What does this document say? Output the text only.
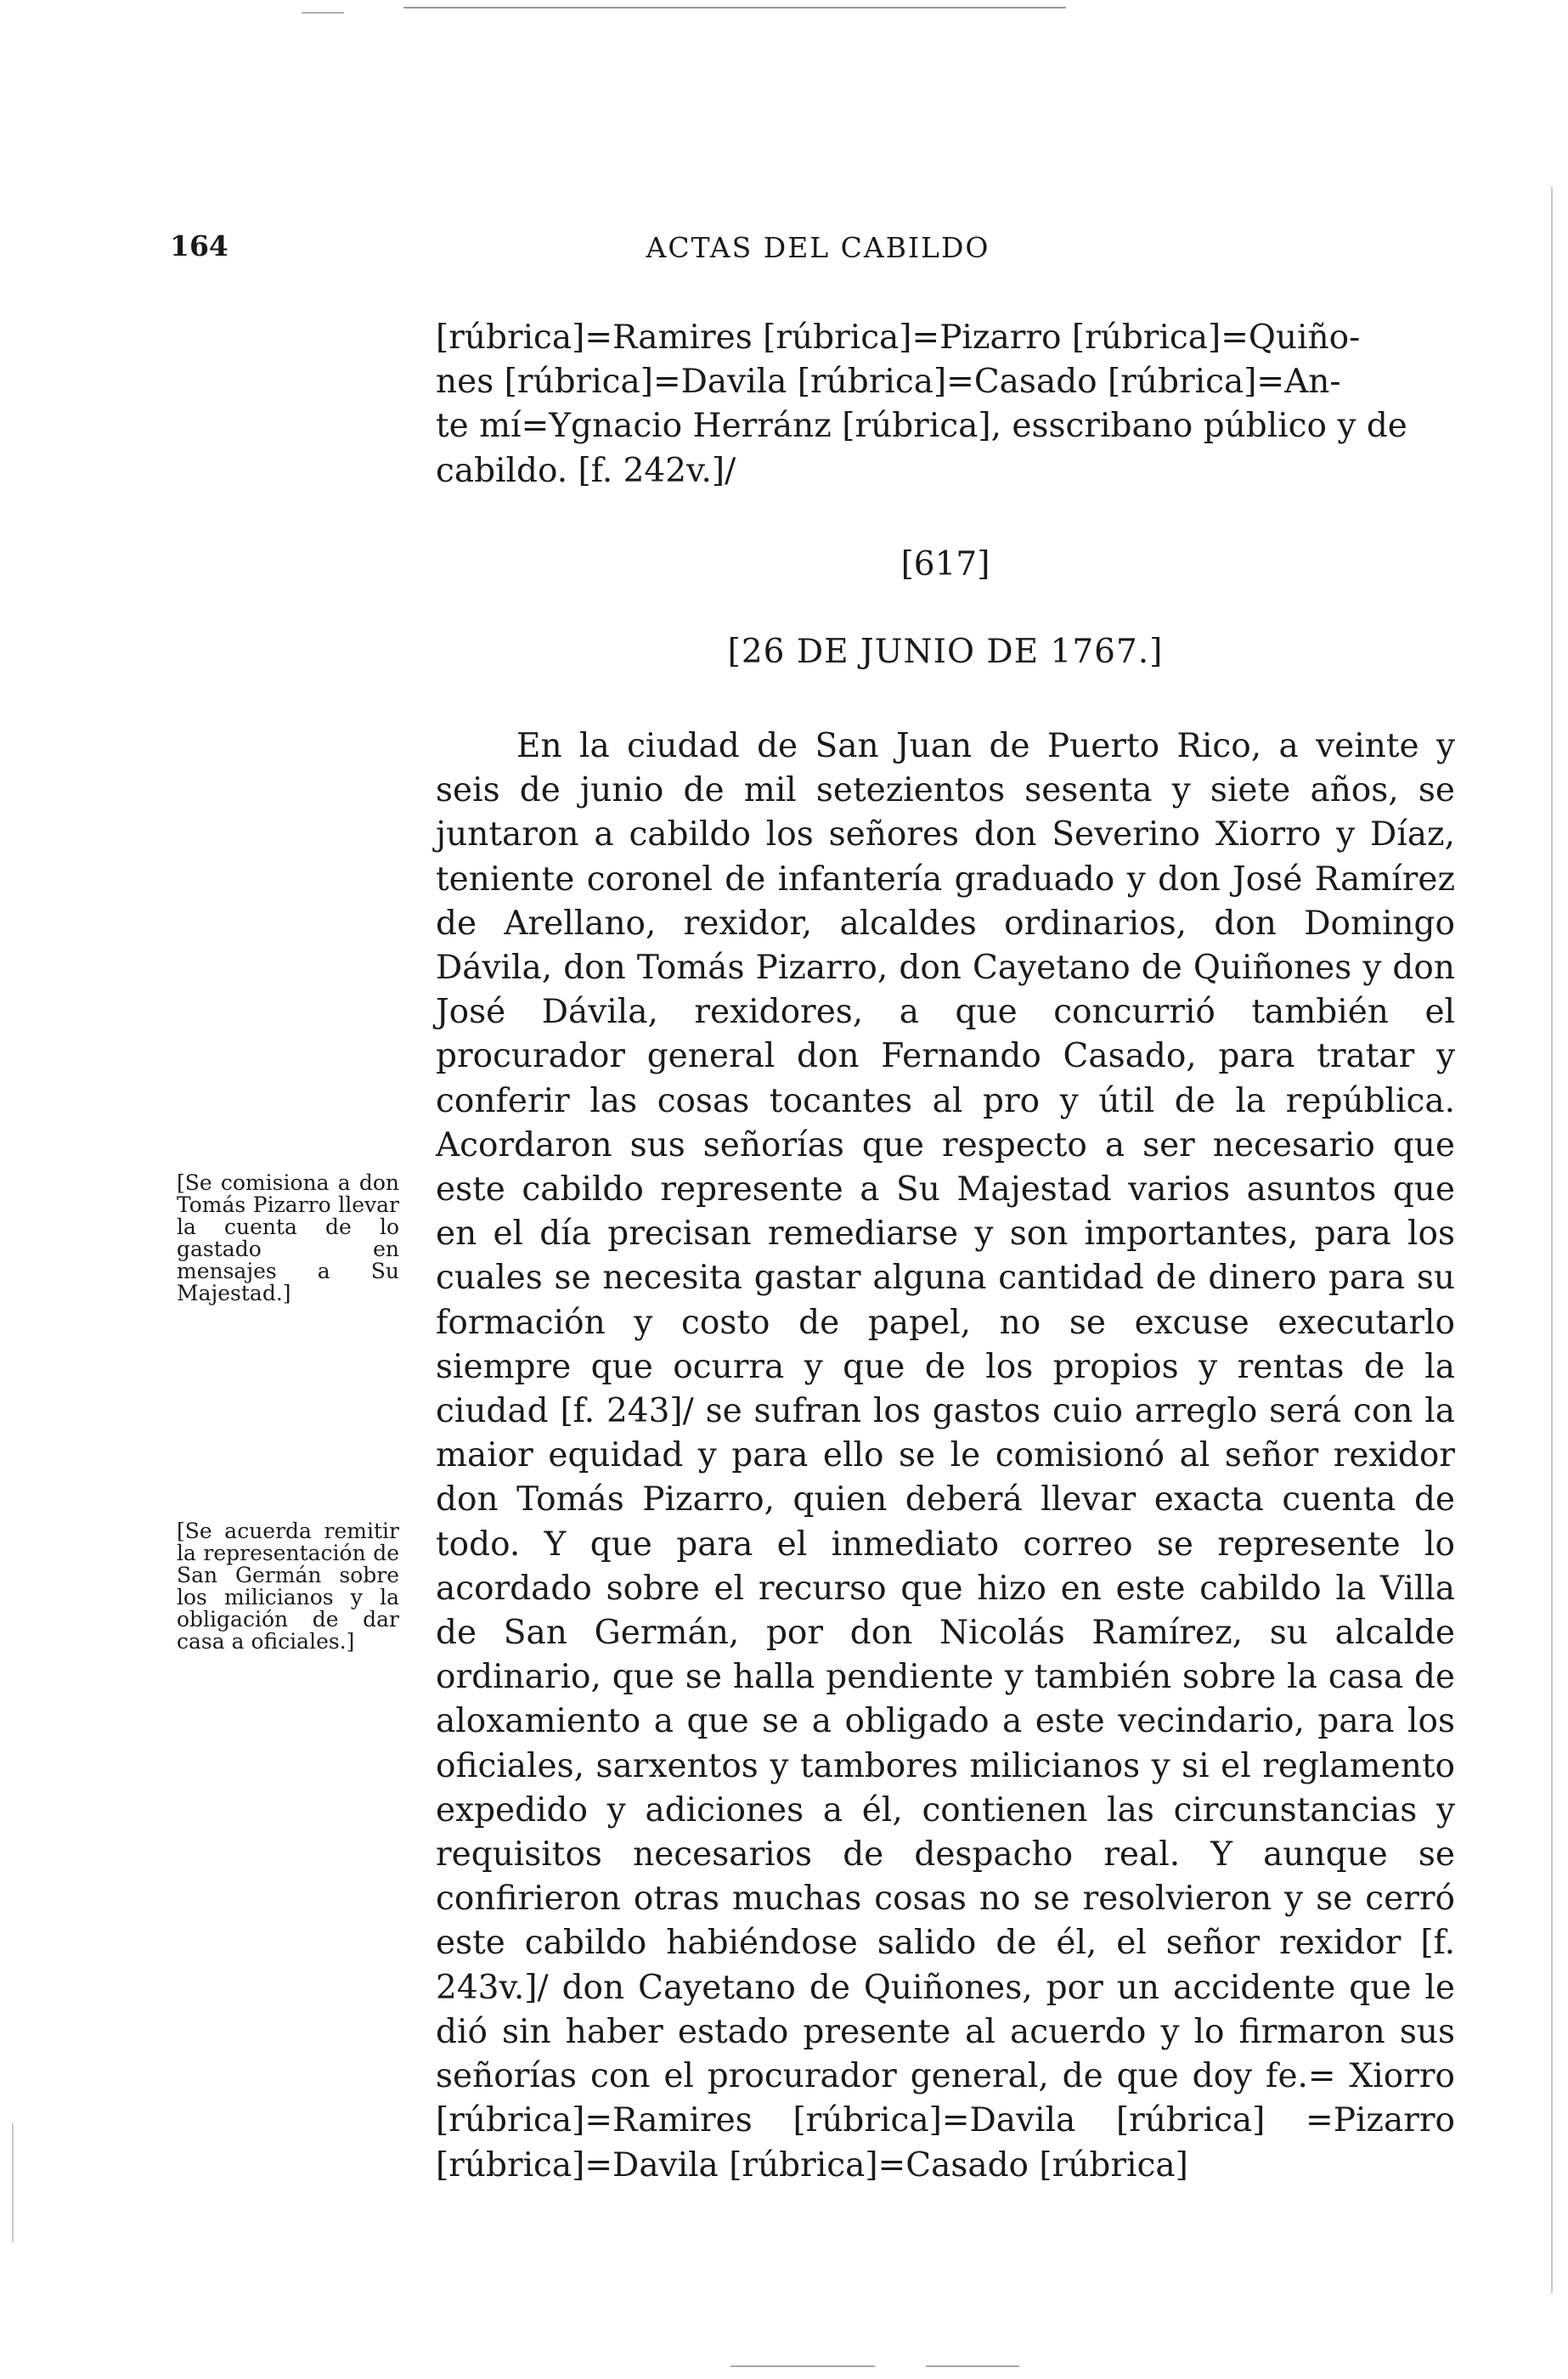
164	ACTAS DEL CABILDO
[rúbrica]=Ramires [rúbrica]=Pizarro [rúbrica]=Quiño-
nes [rúbrica]=Davila [rúbrica]=Casado [rúbrica]=An-
te mí=Ygnacio Herránz [rúbrica], esscribano público y de
cabildo. [f. 242v.]/
[617]
[26 DE JUNIO DE 1767.]

En la ciudad de San Juan de Puerto Rico, a veinte y seis de junio de mil setezientos sesenta y siete años, se juntaron a cabildo los señores don Severino Xiorro y Díaz, teniente coronel de infantería graduado y don José Ramírez de Arellano, rexidor, alcaldes ordinarios, don Domingo Dávila, don Tomás Pizarro, don Cayetano de Quiñones y don José Dávila, rexidores, a que concurrió también el procurador general don Fernando Casado, para tratar y conferir las cosas tocantes al pro y útil de la república. Acordaron sus señorías que respecto a ser necesario que este cabildo represente a Su Majestad varios asuntos que en el día precisan remediarse y son importantes, para los cuales se necesita gastar alguna cantidad de dinero para su formación y costo de papel, no se excuse executarlo siempre que ocurra y que de los propios y rentas de la ciudad [f. 243]/ se sufran los gastos cuio arreglo será con la maior equidad y para ello se le comisionó al señor rexidor don Tomás Pizarro, quien deberá llevar exacta cuenta de todo. Y que para el inmediato correo se represente lo acordado sobre el recurso que hizo en este cabildo la Villa de San Germán, por don Nicolás Ramírez, su alcalde ordinario, que se halla pendiente y también sobre la casa de aloxamiento a que se a obligado a este vecindario, para los oficiales, sarxentos y tambores milicianos y si el reglamento expedido y adiciones a él, contienen las circunstancias y requisitos necesarios de despacho real. Y aunque se confirieron otras muchas cosas no se resolvieron y se cerró este cabildo habiéndose salido de él, el señor rexidor [f. 243v.]/ don Cayetano de Quiñones, por un accidente que le dió sin haber estado presente al acuerdo y lo firmaron sus señorías con el procurador general, de que doy fe.= Xiorro [rúbrica]=Ramires [rúbrica]=Davila [rúbrica] =Pizarro [rúbrica]=Davila [rúbrica]=Casado [rúbrica]

[Se comisiona a don Tomás Pizarro llevar la cuenta de lo gastado en mensajes a Su Majestad.]
[Se acuerda remitir la representación de San Germán sobre los milicianos y la obligación de dar casa a oficiales.]
